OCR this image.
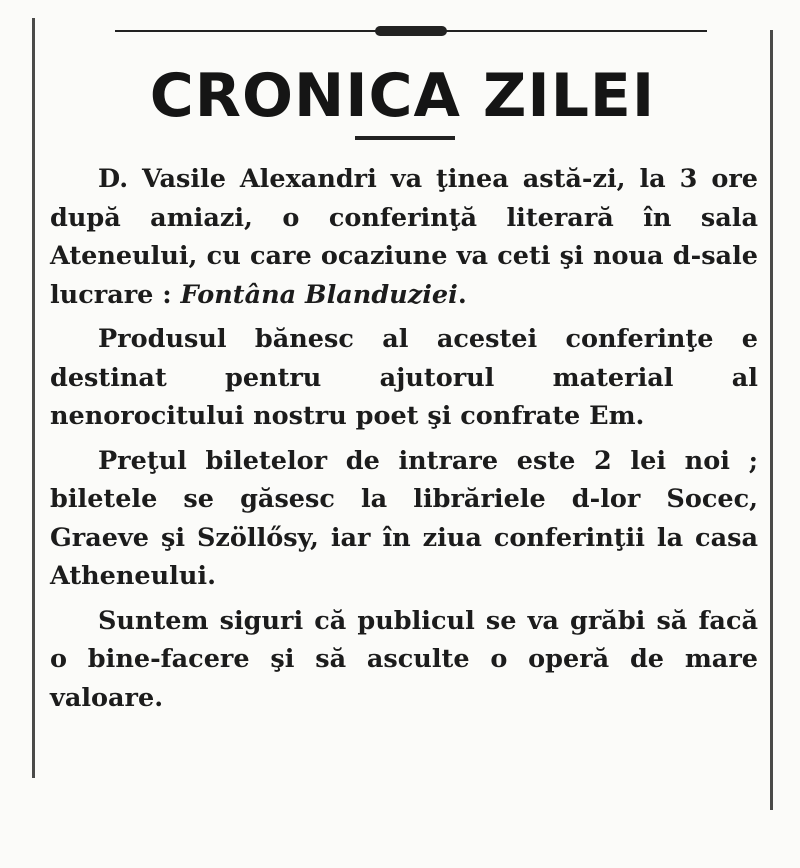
CRONICA ZILEI

D. Vasile Alexandri va ţinea astă-zi, la 3 ore după amiazi, o conferinţă literară în sala Ateneului, cu care ocaziune va ceti şi noua d-sale lucrare : Fontâna Blanduziei.

Produsul bănesc al acestei conferinţe e destinat pentru ajutorul material al nenorocitului nostru poet şi confrate Em.

Preţul biletelor de intrare este 2 lei noi ; biletele se găsesc la librăriele d-lor Socec, Graeve şi Szöllősy, iar în ziua conferinţii la casa Atheneului.

Suntem siguri că publicul se va grăbi să facă o bine-facere şi să asculte o operă de mare valoare.
